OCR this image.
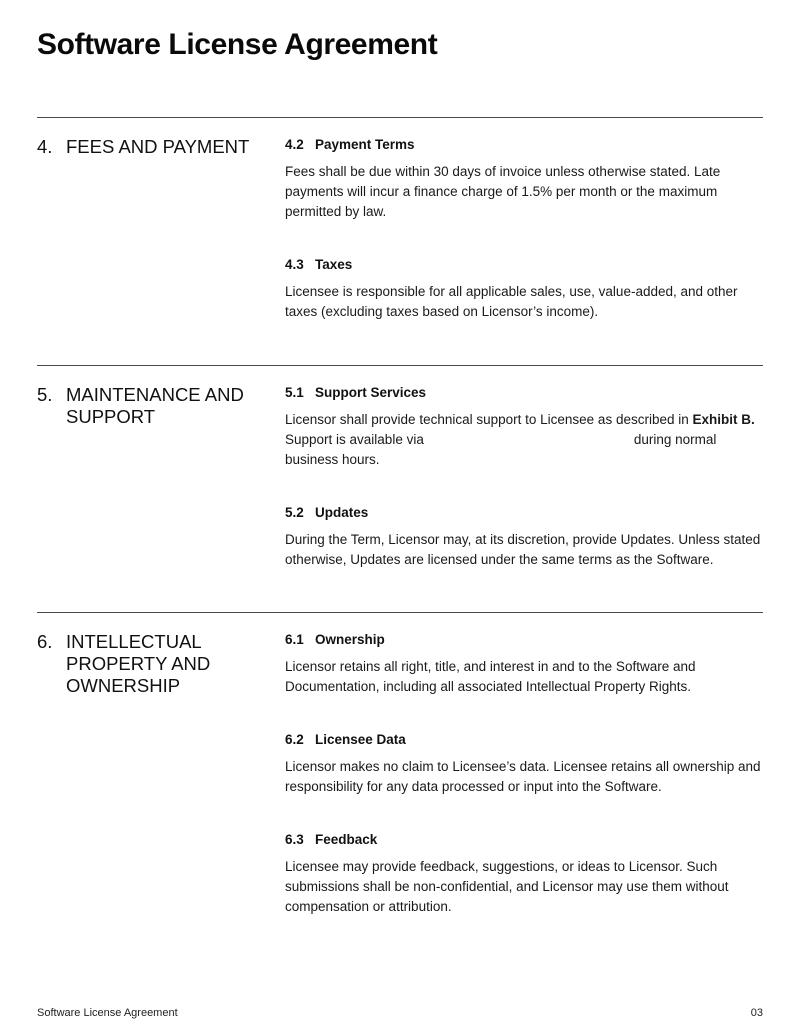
Software License Agreement
4. FEES AND PAYMENT	4.2 Payment Terms
Fees shall be due within 30 days of invoice unless otherwise stated. Late payments will incur a finance charge of 1.5% per month or the maximum permitted by law.
4.3 Taxes
Licensee is responsible for all applicable sales, use, value-added, and other taxes (excluding taxes based on Licensor’s income).
5. MAINTENANCE AND SUPPORT
5.1 Support Services
Licensor shall provide technical support to Licensee as described in Exhibit B. Support is available via	during normal business hours.
5.2 Updates
During the Term, Licensor may, at its discretion, provide Updates. Unless stated otherwise, Updates are licensed under the same terms as the Software.
6. INTELLECTUAL PROPERTY AND OWNERSHIP
6.1 Ownership
Licensor retains all right, title, and interest in and to the Software and Documentation, including all associated Intellectual Property Rights.
6.2 Licensee Data
Licensor makes no claim to Licensee’s data. Licensee retains all ownership and responsibility for any data processed or input into the Software.
6.3 Feedback
Licensee may provide feedback, suggestions, or ideas to Licensor. Such submissions shall be non-confidential, and Licensor may use them without compensation or attribution.
Software License Agreement	03
